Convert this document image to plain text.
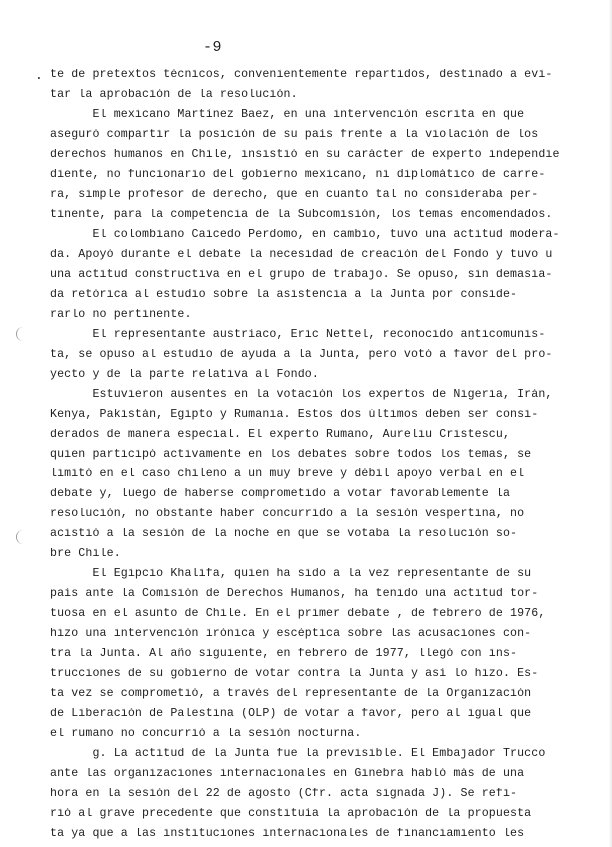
-9
. te de pretextos técnicos, convenientemente repartidos, destinado a evi-
tar la aprobación de la resolución.
El mexicano Martínez Baez, en una intervención escrita en que
aseguró compartir la posición de su país frente a la violación de los
derechos humanos en Chile, insistió en su carácter de experto independie
diente, no funcionario del gobierno mexicano, ni diplomático de carre-
ra, simple profesor de derecho, que en cuanto tal no consideraba per-
tinente, para la competencia de la Subcomisión, los temas encomendados.
El colombiano Caicedo Perdomo, en cambio, tuvo una actitud modera-
da. Apoyó durante el debate la necesidad de creación del Fondo y tuvo u
una actitud constructiva en el grupo de trabajo. Se opuso, sin demasia-
da retórica al estudio sobre la asistencia a la Junta por conside-
rarlo no pertinente.
El representante austríaco, Eric Nettel, reconocido anticomunis-
ta, se opuso al estudio de ayuda a la Junta, pero votó a favor del pro-
yecto y de la parte relativa al Fondo.
Estuvieron ausentes en la votación los expertos de Nigeria, Irán,
Kenya, Pakistán, Egipto y Rumania. Estos dos últimos deben ser consi-
derados de manera especial. El experto Rumano, Aureliu Cristescu,
quien participó activamente en los debates sobre todos los temas, se
limitó en el caso chileno a un muy breve y débil apoyo verbal en el
debate y, luego de haberse comprometido a votar favorablemente la
resolución, no obstante haber concurrido a la sesión vespertina, no
acistió a la sesión de la noche en que se votaba la resolución so-
bre Chile.
El Egipcio Khalifa, quien ha sido a la vez representante de su
país ante la Comisión de Derechos Humanos, ha tenido una actitud tor-
tuosa en el asunto de Chile. En el primer debate , de febrero de 1976,
hizo una intervención irónica y escéptica sobre las acusaciones con-
tra la Junta. Al año siguiente, en febrero de 1977, llegó con ins-
trucciones de su gobierno de votar contra la Junta y así lo hizo. Es-
ta vez se comprometió, a través del representante de la Organización
de Liberación de Palestina (OLP) de votar a favor, pero al igual que
el rumano no concurrió a la sesión nocturna.
g. La actitud de la Junta fue la previsible. El Embajador Trucco
ante las organizaciones internacionales en Ginebra habló más de una
hora en la sesión del 22 de agosto (Cfr. acta signada J). Se refi-
rió al grave precedente que constituía la aprobación de la propuesta
ta ya que a las instituciones internacionales de financiamiento les
